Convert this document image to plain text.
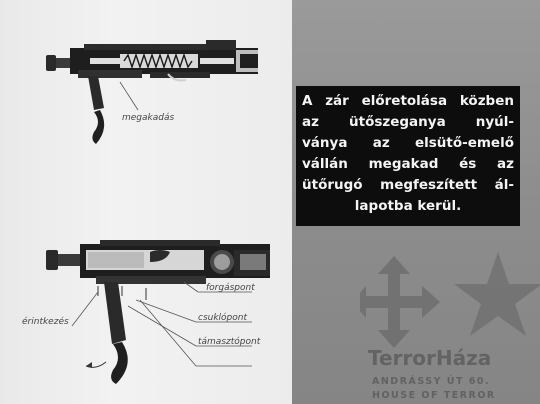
megakadás
forgáspont
érintkezés	csuklópont
támasztópont
A zár előretolása közben
az ütőszeganya nyúl-
ványa az elsütő-emelő
vállán megakad és az
ütőrugó megfeszített ál-
lapotba kerül.
TerrorHáza
ANDRÁSSY ÚT 60.
HOUSE OF TERROR
